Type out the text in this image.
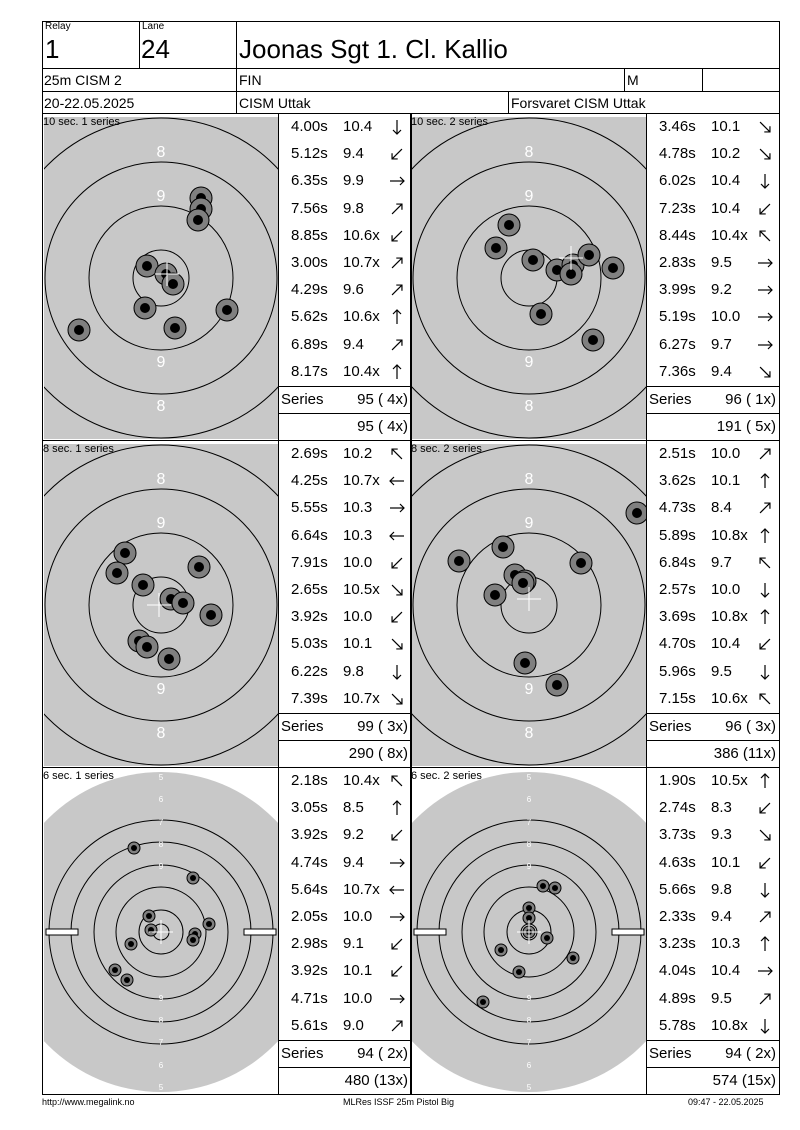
Relay
1
Lane
24	Joonas Sgt 1. Cl. Kallio
25m CISM 2	FIN	M
20-22.05.2025	CISM Uttak	Forsvaret CISM Uttak
8
9
9
8
10 sec. 1 series	4.00s 10.4
5.12s 9.4
6.35s 9.9
7.56s 9.8
8.85s 10.6x
3.00s 10.7x
4.29s 9.6
5.62s 10.6x
6.89s 9.4
8.17s 10.4x
Series 95 ( 4x)
95 ( 4x)
8
9
9
8
10 sec. 2 series	3.46s 10.1
4.78s 10.2
6.02s 10.4
7.23s 10.4
8.44s 10.4x
2.83s 9.5
3.99s 9.2
5.19s 10.0
6.27s 9.7
7.36s 9.4
Series 96 ( 1x)
191 ( 5x)
8
9
9
8
8 sec. 1 series	2.69s 10.2
4.25s 10.7x
5.55s 10.3
6.64s 10.3
7.91s 10.0
2.65s 10.5x
3.92s 10.0
5.03s 10.1
6.22s 9.8
7.39s 10.7x
Series 99 ( 3x)
290 ( 8x)
8
9
9
8
8 sec. 2 series	2.51s 10.0
3.62s 10.1
4.73s 8.4
5.89s 10.8x
6.84s 9.7
2.57s 10.0
3.69s 10.8x
4.70s 10.4
5.96s 9.5
7.15s 10.6x
Series 96 ( 3x)
386 (11x)
5
5
6
6
7
7
8
8
9
9
6 sec. 1 series	2.18s 10.4x
3.05s 8.5
3.92s 9.2
4.74s 9.4
5.64s 10.7x
2.05s 10.0
2.98s 9.1
3.92s 10.1
4.71s 10.0
5.61s 9.0
Series 94 ( 2x)
480 (13x)
5
5
6
6
7
7
8
8
9
9
6 sec. 2 series	1.90s 10.5x
2.74s 8.3
3.73s 9.3
4.63s 10.1
5.66s 9.8
2.33s 9.4
3.23s 10.3
4.04s 10.4
4.89s 9.5
5.78s 10.8x
Series 94 ( 2x)
574 (15x)
http://www.megalink.no	MLRes ISSF 25m Pistol Big	09:47 - 22.05.2025
